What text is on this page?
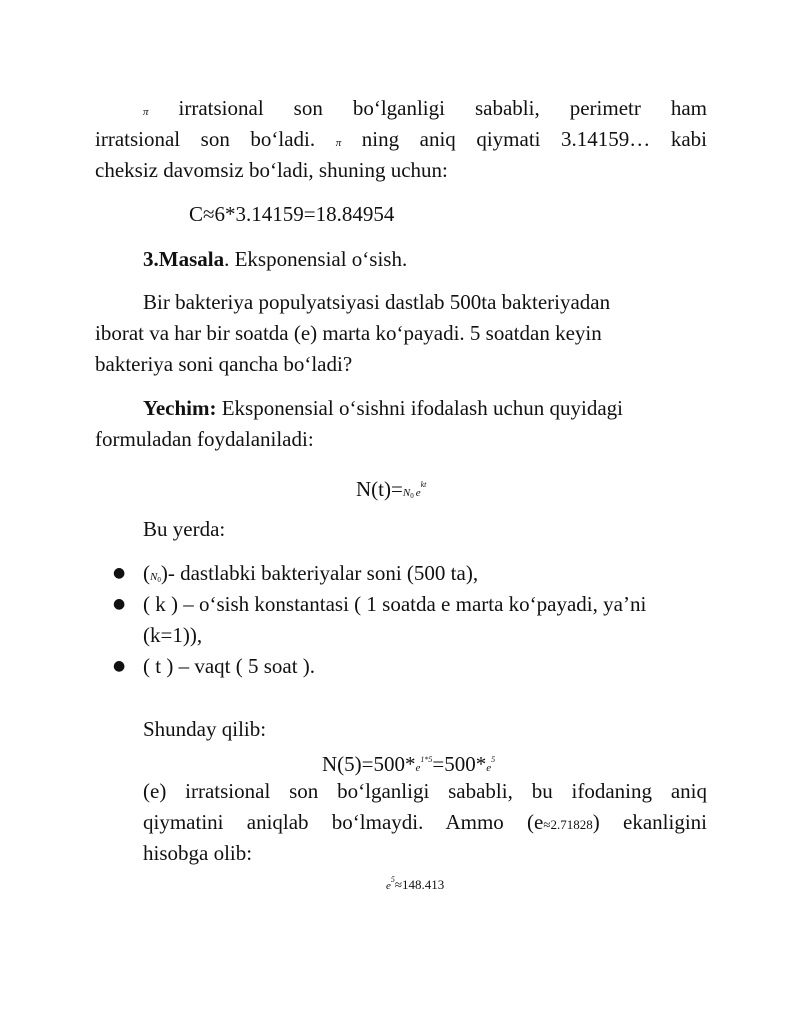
π irratsional son bo‘lganligi sababli, perimetr ham
irratsional son bo‘ladi. π ning aniq qiymati 3.14159… kabi
cheksiz davomsiz bo‘ladi, shuning uchun:
C≈6*3.14159=18.84954
3.Masala. Eksponensial o‘sish.
Bir bakteriya populyatsiyasi dastlab 500ta bakteriyadan
iborat va har bir soatda (e) marta ko‘payadi. 5 soatdan keyin
bakteriya soni qancha bo‘ladi?
Yechim: Eksponensial o‘sishni ifodalash uchun quyidagi
formuladan foydalaniladi:
N(t)=N0 $e^{kt}$
Bu yerda:
● (N0)- dastlabki bakteriyalar soni (500 ta),
● ( k ) – o‘sish konstantasi ( 1 soatda e marta ko‘payadi, ya’ni
(k=1)),
● ( t ) – vaqt ( 5 soat ).
Shunday qilib:
$N(5)=500*e^{1*5}=500*e^5$
(e) irratsional son bo‘lganligi sababli, bu ifodaning aniq
qiymatini aniqlab bo‘lmaydi. Ammo (e≈2.71828) ekanligini
hisobga olib:
$e^5\approx 148.413$
